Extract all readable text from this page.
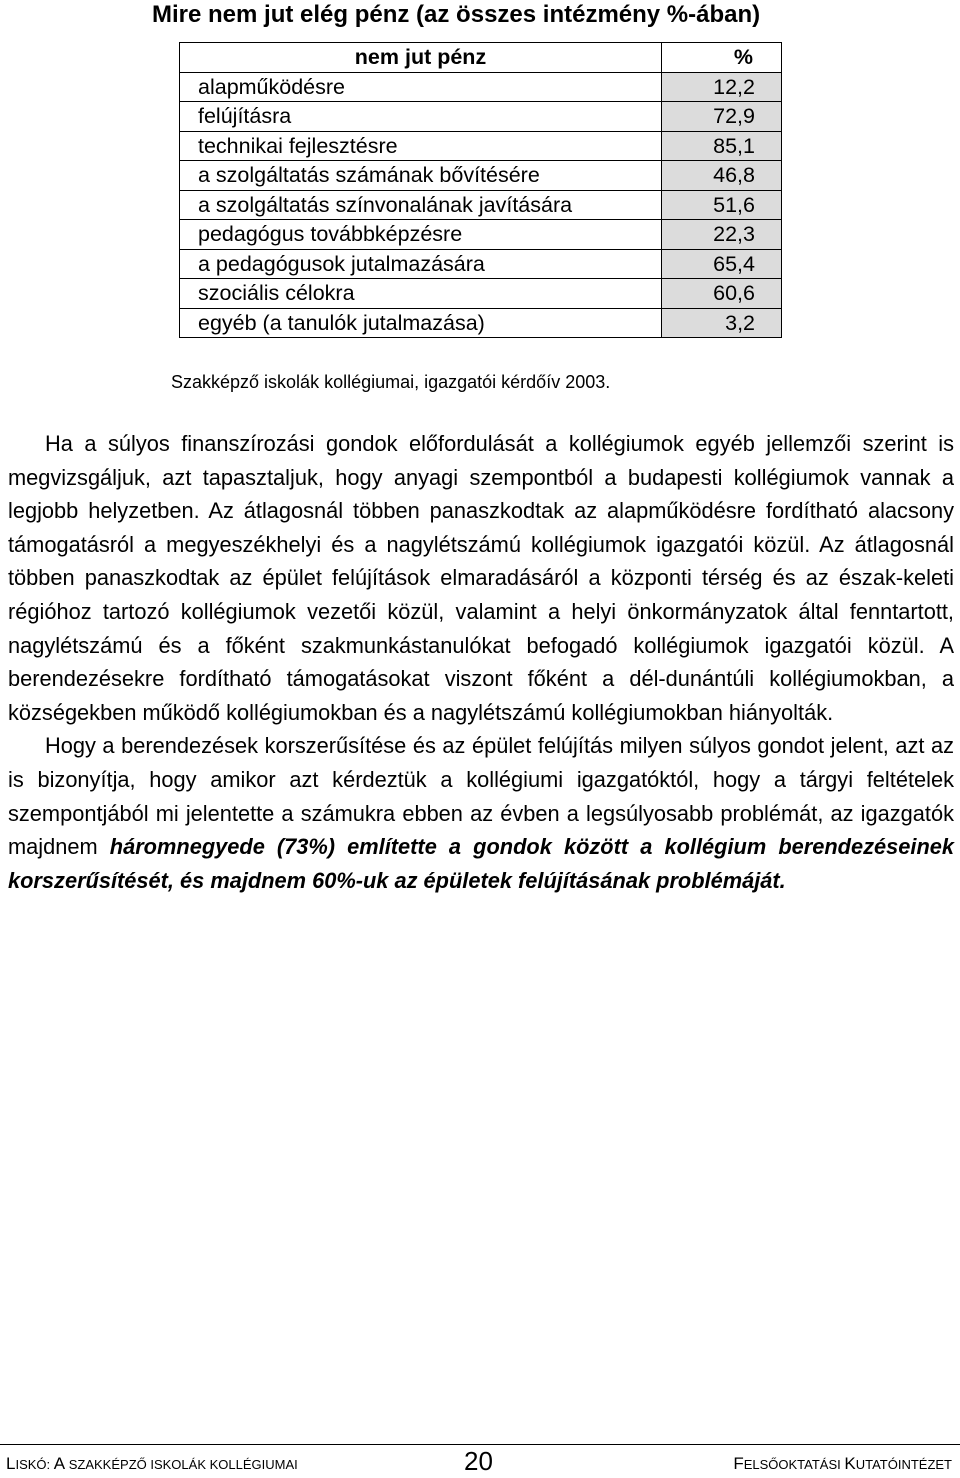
Mire nem jut elég pénz (az összes intézmény %-ában)
nem jut pénz	%
alapműködésre	12,2
felújításra	72,9
technikai fejlesztésre	85,1
a szolgáltatás számának bővítésére	46,8
a szolgáltatás színvonalának javítására	51,6
pedagógus továbbképzésre	22,3
a pedagógusok jutalmazására	65,4
szociális célokra	60,6
egyéb (a tanulók jutalmazása)	3,2
Szakképző iskolák kollégiumai, igazgatói kérdőív 2003.

Ha a súlyos finanszírozási gondok előfordulását a kollégiumok egyéb jellemzői szerint is megvizsgáljuk, azt tapasztaljuk, hogy anyagi szempontból a budapesti kollégiumok vannak a legjobb helyzetben. Az átlagosnál többen panaszkodtak az alapműködésre fordítható alacsony támogatásról a megyeszékhelyi és a nagylétszámú kollégiumok igazgatói közül. Az átlagosnál többen panaszkodtak az épület felújítások elmaradásáról a központi térség és az észak-keleti régióhoz tartozó kollégiumok vezetői közül, valamint a helyi önkormányzatok által fenntartott, nagylétszámú és a főként szakmunkástanulókat befogadó kollégiumok igazgatói közül. A berendezésekre fordítható támogatásokat viszont főként a dél-dunántúli kollégiumokban, a községekben működő kollégiumokban és a nagylétszámú kollégiumokban hiányolták.

Hogy a berendezések korszerűsítése és az épület felújítás milyen súlyos gondot jelent, azt az is bizonyítja, hogy amikor azt kérdeztük a kollégiumi igazgatóktól, hogy a tárgyi feltételek szempontjából mi jelentette a számukra ebben az évben a legsúlyosabb problémát, az igazgatók majdnem háromnegyede (73%) említette a gondok között a kollégium berendezéseinek korszerűsítését, és majdnem 60%-uk az épületek felújításának problémáját.

LISKÓ: A SZAKKÉPZŐ ISKOLÁK KOLLÉGIUMAI	20	FELSŐOKTATÁSI KUTATÓINTÉZET
